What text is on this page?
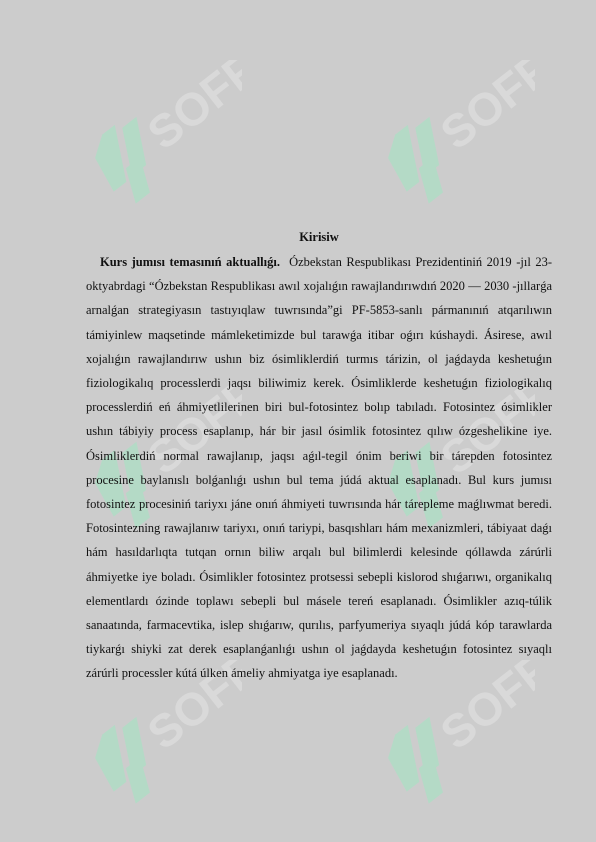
Kirisiw

Kurs jumısı temasınıń aktuallıǵı. Ózbekstan Respublikası Prezidentiniń 2019 -jıl 23-oktyabrdagi “Ózbekstan Respublikası awıl xojalıǵın rawajlandırıwdıń 2020 — 2030 -jıllarǵa arnalǵan strategiyasın tastıyıqlaw tuwrısında”gi PF-5853-sanlı pármanınıń atqarılıwın támiyinlew maqsetinde mámleketimizde bul tarawǵa itibar oǵırı kúshaydi. Ásirese, awıl xojalıǵın rawajlandırıw ushın biz ósimliklerdiń turmıs tárizin, ol jaǵdayda keshetuǵın fiziologikalıq processlerdi jaqsı biliwimiz kerek. Ósimliklerde keshetuǵın fiziologikalıq processlerdiń eń áhmiyetlilerinen biri bul-fotosintez bolıp tabıladı. Fotosintez ósimlikler ushın tábiyiy process esaplanıp, hár bir jasıl ósimlik fotosintez qılıw ózgeshelikine iye. Ósimliklerdiń normal rawajlanıp, jaqsı aǵıl-tegil ónim beriwi bir tárepden fotosintez procesine baylanıslı bolǵanlıǵı ushın bul tema júdá aktual esaplanadı. Bul kurs jumısı fotosintez procesiniń tariyxı jáne onıń áhmiyeti tuwrısında hár tárepleme maǵlıwmat beredi. Fotosintezning rawajlanıw tariyxı, onıń tariypi, basqıshları hám mexanizmleri, tábiyaat daǵı hám hasıldarlıqta tutqan ornın biliw arqalı bul bilimlerdi kelesinde qóllawda zárúrli áhmiyetke iye boladı. Ósimlikler fotosintez protsessi sebepli kislorod shıǵarıwı, organikalıq elementlardı ózinde toplawı sebepli bul másele tereń esaplanadı. Ósimlikler azıq-túlik sanaatında, farmacevtika, islep shıǵarıw, qurılıs, parfyumeriya sıyaqlı júdá kóp tarawlarda tiykarǵı shiyki zat derek esaplanǵanlıǵı ushın ol jaǵdayda keshetuǵın fotosintez sıyaqlı zárúrli processler kútá úlken ámeliy ahmiyatga iye esaplanadı.
